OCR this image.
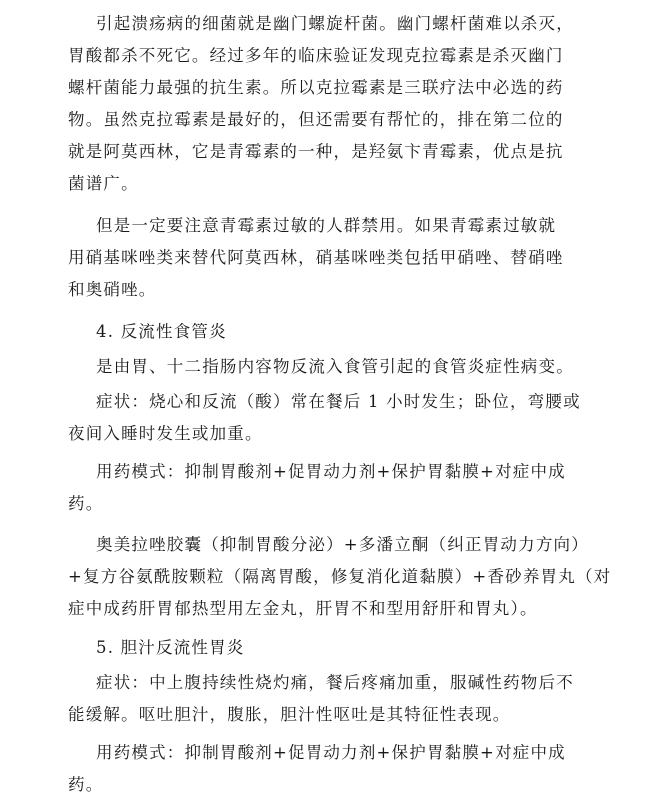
引起溃疡病的细菌就是幽门螺旋杆菌。幽门螺杆菌难以杀灭，
胃酸都杀不死它。经过多年的临床验证发现克拉霉素是杀灭幽门
螺杆菌能力最强的抗生素。所以克拉霉素是三联疗法中必选的药
物。虽然克拉霉素是最好的，但还需要有帮忙的，排在第二位的
就是阿莫西林，它是青霉素的一种，是羟氨卞青霉素，优点是抗
菌谱广。
但是一定要注意青霉素过敏的人群禁用。如果青霉素过敏就
用硝基咪唑类来替代阿莫西林，硝基咪唑类包括甲硝唑、替硝唑
和奥硝唑。
4. 反流性食管炎
是由胃、十二指肠内容物反流入食管引起的食管炎症性病变。
症状：烧心和反流（酸）常在餐后 1 小时发生；卧位，弯腰或
夜间入睡时发生或加重。
用药模式：抑制胃酸剂+促胃动力剂+保护胃黏膜+对症中成
药。
奥美拉唑胶囊（抑制胃酸分泌）+多潘立酮（纠正胃动力方向）
+复方谷氨酰胺颗粒（隔离胃酸，修复消化道黏膜）+香砂养胃丸（对
症中成药肝胃郁热型用左金丸，肝胃不和型用舒肝和胃丸）。
5. 胆汁反流性胃炎
症状：中上腹持续性烧灼痛，餐后疼痛加重，服碱性药物后不
能缓解。呕吐胆汁，腹胀，胆汁性呕吐是其特征性表现。
用药模式：抑制胃酸剂+促胃动力剂+保护胃黏膜+对症中成
药。
